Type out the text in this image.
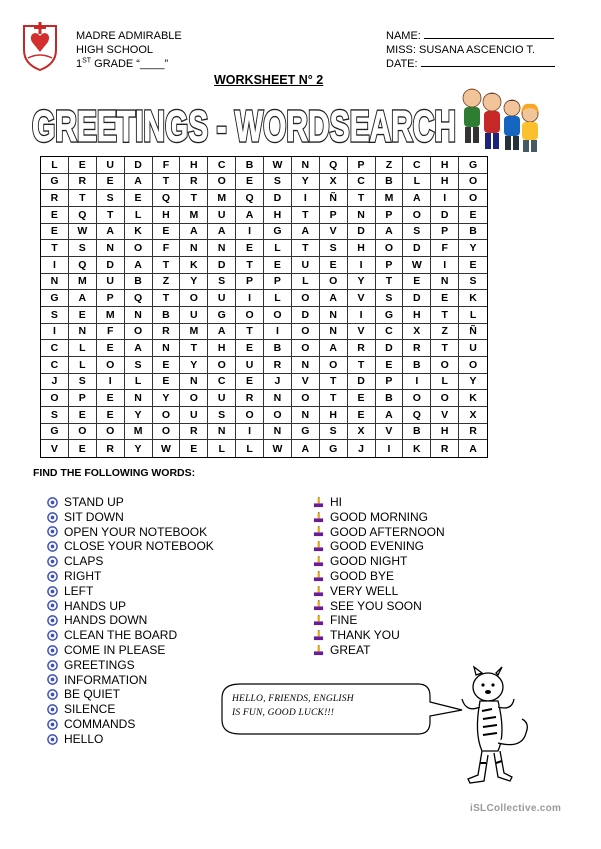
MADRE ADMIRABLE
HIGH SCHOOL
1ST GRADE “____”
NAME:
MISS: SUSANA ASCENCIO T.
DATE:
WORKSHEET N° 2
GREETINGS - WORDSEARCH
GREETINGS - WORDSEARCH
L	E	U	D	F	H	C	B	W	N	Q	P	Z	C	H	G
G	R	E	A	T	R	O	E	S	Y	X	C	B	L	H	O
R	T	S	E	Q	T	M	Q	D	I	Ñ	T	M	A	I	O
E	Q	T	L	H	M	U	A	H	T	P	N	P	O	D	E
E	W	A	K	E	A	A	I	G	A	V	D	A	S	P	B
T	S	N	O	F	N	N	E	L	T	S	H	O	D	F	Y
I	Q	D	A	T	K	D	T	E	U	E	I	P	W	I	E
N	M	U	B	Z	Y	S	P	P	L	O	Y	T	E	N	S
G	A	P	Q	T	O	U	I	L	O	A	V	S	D	E	K
S	E	M	N	B	U	G	O	O	D	N	I	G	H	T	L
I	N	F	O	R	M	A	T	I	O	N	V	C	X	Z	Ñ
C	L	E	A	N	T	H	E	B	O	A	R	D	R	T	U
C	L	O	S	E	Y	O	U	R	N	O	T	E	B	O	O
J	S	I	L	E	N	C	E	J	V	T	D	P	I	L	Y
O	P	E	N	Y	O	U	R	N	O	T	E	B	O	O	K
S	E	E	Y	O	U	S	O	O	N	H	E	A	Q	V	X
G	O	O	M	O	R	N	I	N	G	S	X	V	B	H	R
V	E	R	Y	W	E	L	L	W	A	G	J	I	K	R	A
FIND THE FOLLOWING WORDS:
STAND UP
SIT DOWN
OPEN YOUR NOTEBOOK
CLOSE YOUR NOTEBOOK
CLAPS
RIGHT
LEFT
HANDS UP
HANDS DOWN
CLEAN THE BOARD
COME IN PLEASE
GREETINGS
INFORMATION
BE QUIET
SILENCE
COMMANDS
HELLO
HI
GOOD MORNING
GOOD AFTERNOON
GOOD EVENING
GOOD NIGHT
GOOD BYE
VERY WELL
SEE YOU SOON
FINE
THANK YOU
GREAT
HELLO, FRIENDS, ENGLISH
IS FUN, GOOD LUCK!!!
iSLCollective.com
